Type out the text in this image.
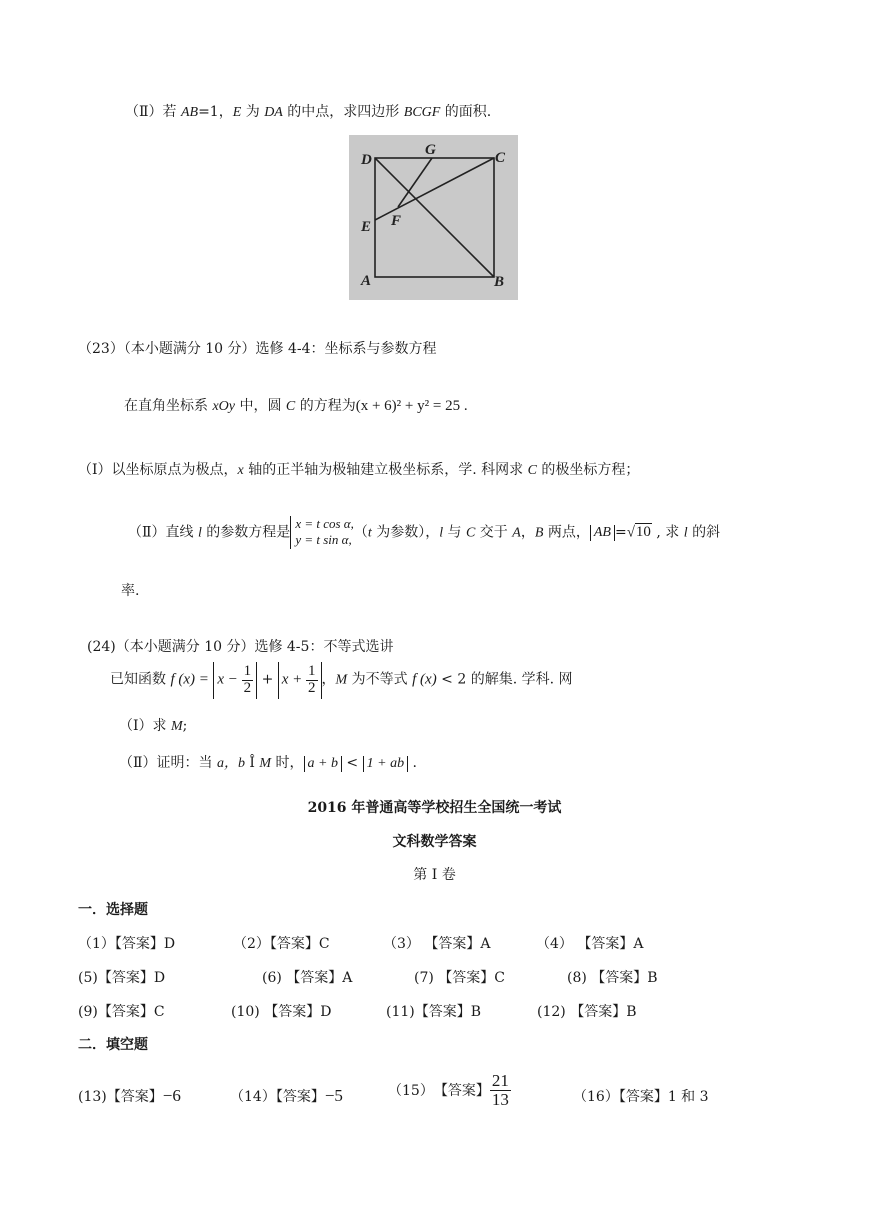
（Ⅱ）若 AB=1，E 为 DA 的中点，求四边形 BCGF 的面积.
D
G	C
E F
A	B
（23）（本小题满分 10 分）选修 4-4：坐标系与参数方程
在直角坐标系 xOy 中，圆 C 的方程为(x + 6)² + y² = 25 .
（Ⅰ）以坐标原点为极点，x 轴的正半轴为极轴建立极坐标系，学. 科网求 C 的极坐标方程；
（Ⅱ）直线 l 的参数方程是
x = t cos α,
y = t sin α, （t 为参数），l 与 C 交于 A，B 两点， AB =√10 , 求 l 的斜
率.
(24)（本小题满分 10 分）选修 4-5：不等式选讲
已知函数 f $(x) = x - \frac{1}{2} + x + \frac{1}{2}$ ，M 为不等式 f (x) < 2 的解集. 学科. 网
（Ⅰ）求 M;
（Ⅱ）证明：当 a，b Î M 时， a + b < 1 + ab .
2016 年普通高等学校招生全国统一考试
文科数学答案
第 Ⅰ 卷
一．选择题
（1）【答案】D	（2）【答案】C	（3） 【答案】A	（4） 【答案】A
(5)【答案】D	(6) 【答案】A	(7) 【答案】C	(8) 【答案】B
(9)【答案】C	(10) 【答案】D	(11)【答案】B	(12) 【答案】B
二．填空题
(13)【答案】−6	（14）【答案】−5	（15）【答案】 $\frac{21}{13}$	（16）【答案】1 和 3
